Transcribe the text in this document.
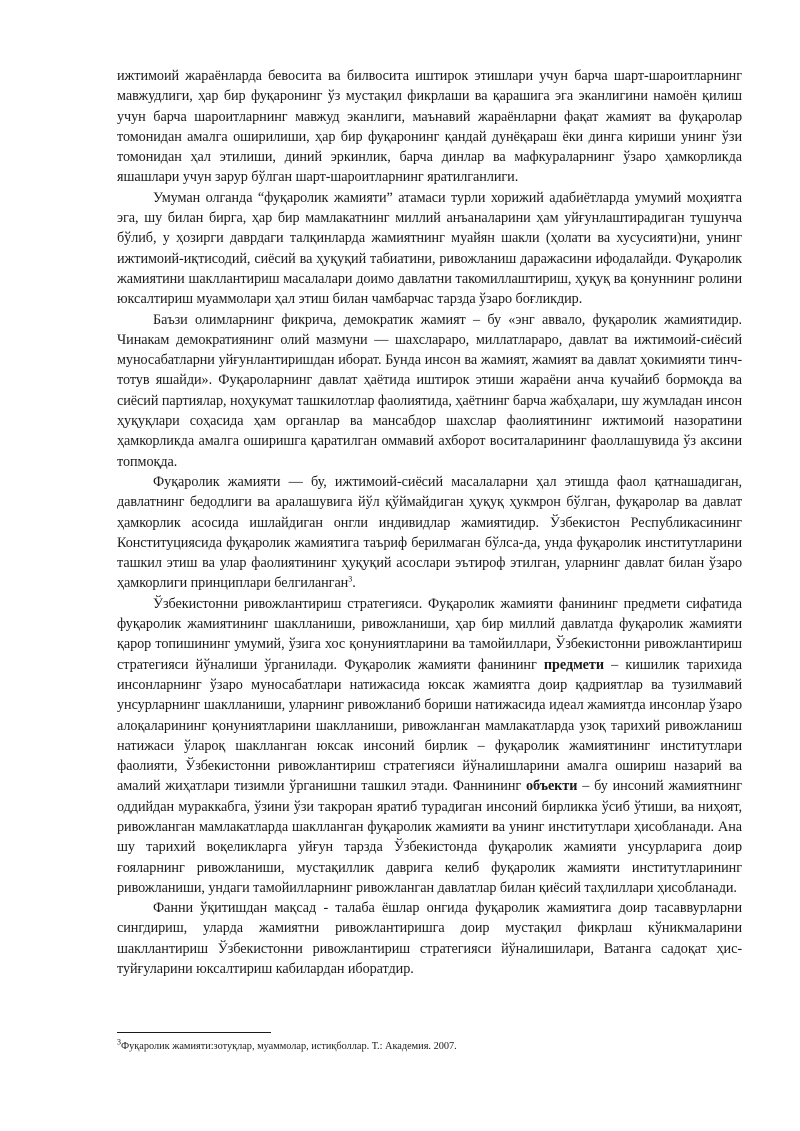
ижтимоий жараёнларда бевосита ва билвосита иштирок этишлари учун барча шарт-шароитларнинг мавжудлиги, ҳар бир фуқаронинг ўз мустақил фикрлаши ва қарашига эга эканлигини намоён қилиш учун барча шароитларнинг мавжуд эканлиги, маънавий жараёнларни фақат жамият ва фуқаролар томонидан амалга оширилиши, ҳар бир фуқаронинг қандай дунёқараш ёки динга кириши унинг ўзи томонидан ҳал этилиши, диний эркинлик, барча динлар ва мафкураларнинг ўзаро ҳамкорликда яшашлари учун зарур бўлган шарт-шароитларнинг яратилганлиги.

Умуман олганда “фуқаролик жамияти” атамаси турли хорижий адабиётларда умумий моҳиятга эга, шу билан бирга, ҳар бир мамлакатнинг миллий анъаналарини ҳам уйғунлаштирадиган тушунча бўлиб, у ҳозирги даврдаги талқинларда жамиятнинг муайян шакли (ҳолати ва хусусияти)ни, унинг ижтимоий-иқтисодий, сиёсий ва ҳуқуқий табиатини, ривожланиш даражасини ифодалайди. Фуқаролик жамиятини шакллантириш масалалари доимо давлатни такомиллаштириш, ҳуқуқ ва қонуннинг ролини юксалтириш муаммолари ҳал этиш билан чамбарчас тарзда ўзаро боғликдир.

Баъзи олимларнинг фикрича, демократик жамият – бу «энг аввало, фуқаролик жамиятидир. Чинакам демократиянинг олий мазмуни — шахслараро, миллатлараро, давлат ва ижтимоий-сиёсий муносабатларни уйғунлантиришдан иборат. Бунда инсон ва жамият, жамият ва давлат ҳокимияти тинч-тотув яшайди». Фуқароларнинг давлат ҳаётида иштирок этиши жараёни анча кучайиб бормоқда ва сиёсий партиялар, ноҳукумат ташкилотлар фаолиятида, ҳаётнинг барча жабҳалари, шу жумладан инсон ҳуқуқлари соҳасида ҳам органлар ва мансабдор шахслар фаолиятининг ижтимоий назоратини ҳамкорликда амалга оширишга қаратилган оммавий ахборот воситаларининг фаоллашувида ўз аксини топмоқда.

Фуқаролик жамияти — бу, ижтимоий-сиёсий масалаларни ҳал этишда фаол қатнашадиган, давлатнинг бедодлиги ва аралашувига йўл қўймайдиган ҳуқуқ ҳукмрон бўлган, фуқаролар ва давлат ҳамкорлик асосида ишлайдиган онгли индивидлар жамиятидир. Ўзбекистон Республикасининг Конституциясида фуқаролик жамиятига таъриф берилмаган бўлса-да, унда фуқаролик институтларини ташкил этиш ва улар фаолиятининг ҳуқуқий асослари эътироф этилган, уларнинг давлат билан ўзаро ҳамкорлиги принциплари белгиланган$^3$.

Ўзбекистонни ривожлантириш стратегияси. Фуқаролик жамияти фанининг предмети сифатида фуқаролик жамиятининг шаклланиши, ривожланиши, ҳар бир миллий давлатда фуқаролик жамияти қарор топишининг умумий, ўзига хос қонуниятларини ва тамойиллари, Ўзбекистонни ривожлантириш стратегияси йўналиши ўрганилади. Фуқаролик жамияти фанининг предмети – кишилик тарихида инсонларнинг ўзаро муносабатлари натижасида юксак жамиятга доир қадриятлар ва тузилмавий унсурларнинг шаклланиши, уларнинг ривожланиб бориши натижасида идеал жамиятда инсонлар ўзаро алоқаларининг қонуниятларини шаклланиши, ривожланган мамлакатларда узоқ тарихий ривожланиш натижаси ўлароқ шаклланган юксак инсоний бирлик – фуқаролик жамиятининг институтлари фаолияти, Ўзбекистонни ривожлантириш стратегияси йўналишларини амалга ошириш назарий ва амалий жиҳатлари тизимли ўрганишни ташкил этади. Фаннининг объекти – бу инсоний жамиятнинг оддийдан мураккабга, ўзини ўзи такроран яратиб турадиган инсоний бирликка ўсиб ўтиши, ва ниҳоят, ривожланган мамлакатларда шаклланган фуқаролик жамияти ва унинг институтлари ҳисобланади. Ана шу тарихий воқеликларга уйғун тарзда Ўзбекистонда фуқаролик жамияти унсурларига доир ғояларнинг ривожланиши, мустақиллик даврига келиб фуқаролик жамияти институтларининг ривожланиши, ундаги тамойилларнинг ривожланган давлатлар билан қиёсий таҳлиллари ҳисобланади.

Фанни ўқитишдан мақсад - талаба ёшлар онгида фуқаролик жамиятига доир тасаввурларни сингдириш, уларда жамиятни ривожлантиришга доир мустақил фикрлаш кўникмаларини шакллантириш Ўзбекистонни ривожлантириш стратегияси йўналишилари, Ватанга садоқат ҳис-туйғуларини юксалтириш кабилардан иборатдир.

$^3$Фуқаролик жамияти:зотуқлар, муаммолар, истиқболлар. Т.: Академия. 2007.
